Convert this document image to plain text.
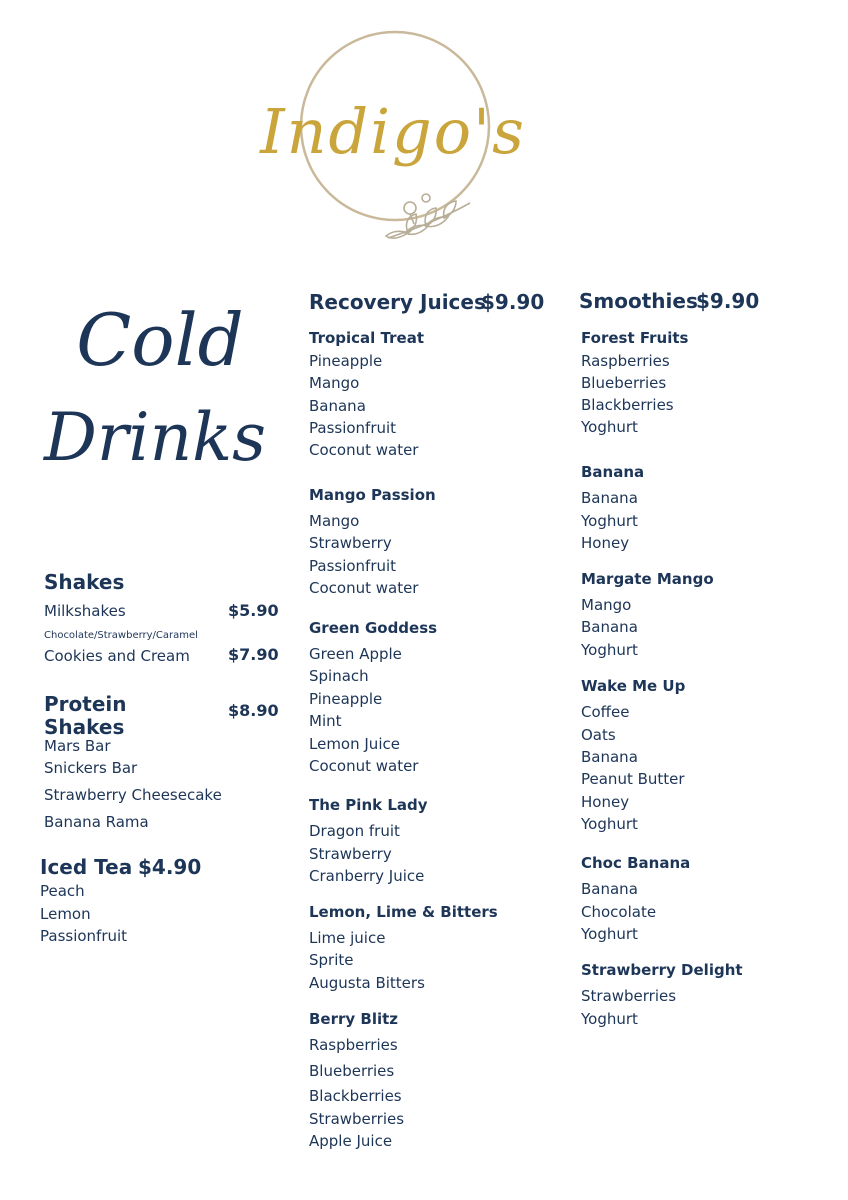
Indigo's
Cold
Drinks
Shakes
Milkshakes	$5.90
Chocolate/Strawberry/Caramel
Cookies and Cream $7.90
Protein
Shakes
$8.90
Mars Bar
Snickers Bar
Strawberry Cheesecake
Banana Rama
Iced Tea $4.90
Peach
Lemon
Passionfruit
Recovery Juices
$9.90
Tropical Treat
Pineapple
Mango
Banana
Passionfruit
Coconut water
Mango Passion
Mango
Strawberry
Passionfruit
Coconut water
Green Goddess
Green Apple
Spinach
Pineapple
Mint
Lemon Juice
Coconut water
The Pink Lady
Dragon fruit
Strawberry
Cranberry Juice
Lemon, Lime & Bitters
Lime juice
Sprite
Augusta Bitters
Berry Blitz
Raspberries
Blueberries
Blackberries
Strawberries
Apple Juice
Smoothies
$9.90
Forest Fruits
Raspberries
Blueberries
Blackberries
Yoghurt
Banana
Banana
Yoghurt
Honey
Margate Mango
Mango
Banana
Yoghurt
Wake Me Up
Coffee
Oats
Banana
Peanut Butter
Honey
Yoghurt
Choc Banana
Banana
Chocolate
Yoghurt
Strawberry Delight
Strawberries
Yoghurt
